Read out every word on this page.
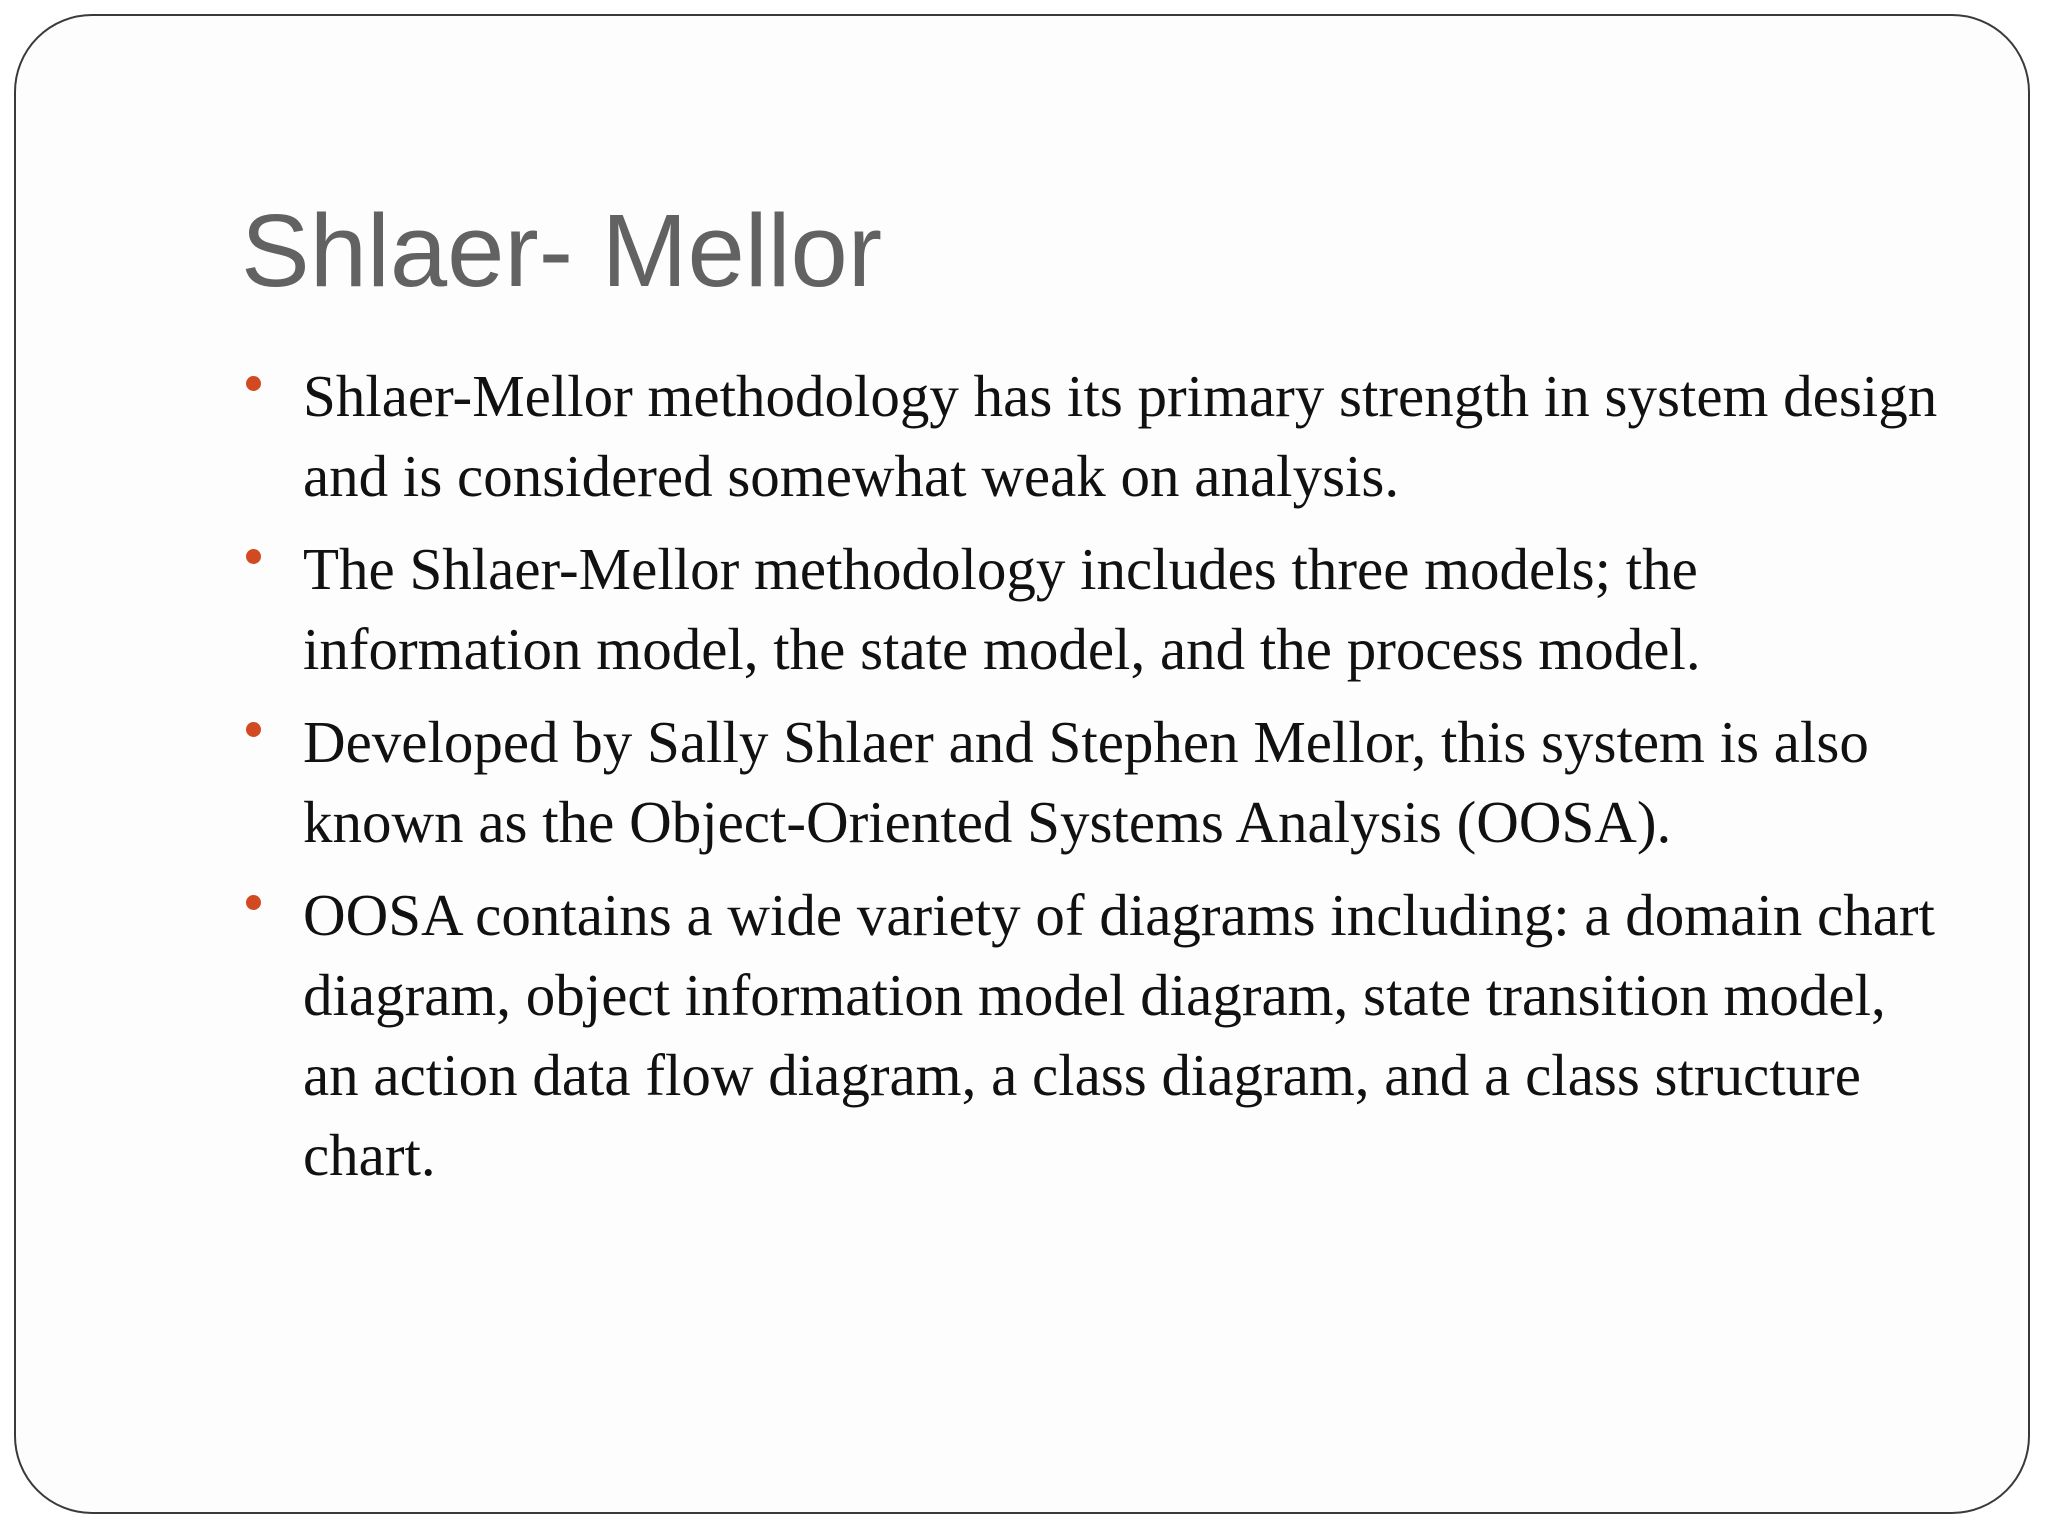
Shlaer- Mellor
Shlaer-Mellor methodology has its primary strength in system design and is considered somewhat weak on analysis.
The Shlaer-Mellor methodology includes three models; the information model, the state model, and the process model.
Developed by Sally Shlaer and Stephen Mellor, this system is also known as the Object-Oriented Systems Analysis (OOSA).
OOSA contains a wide variety of diagrams including: a domain chart diagram, object information model diagram, state transition model, an action data flow diagram, a class diagram, and a class structure chart.
